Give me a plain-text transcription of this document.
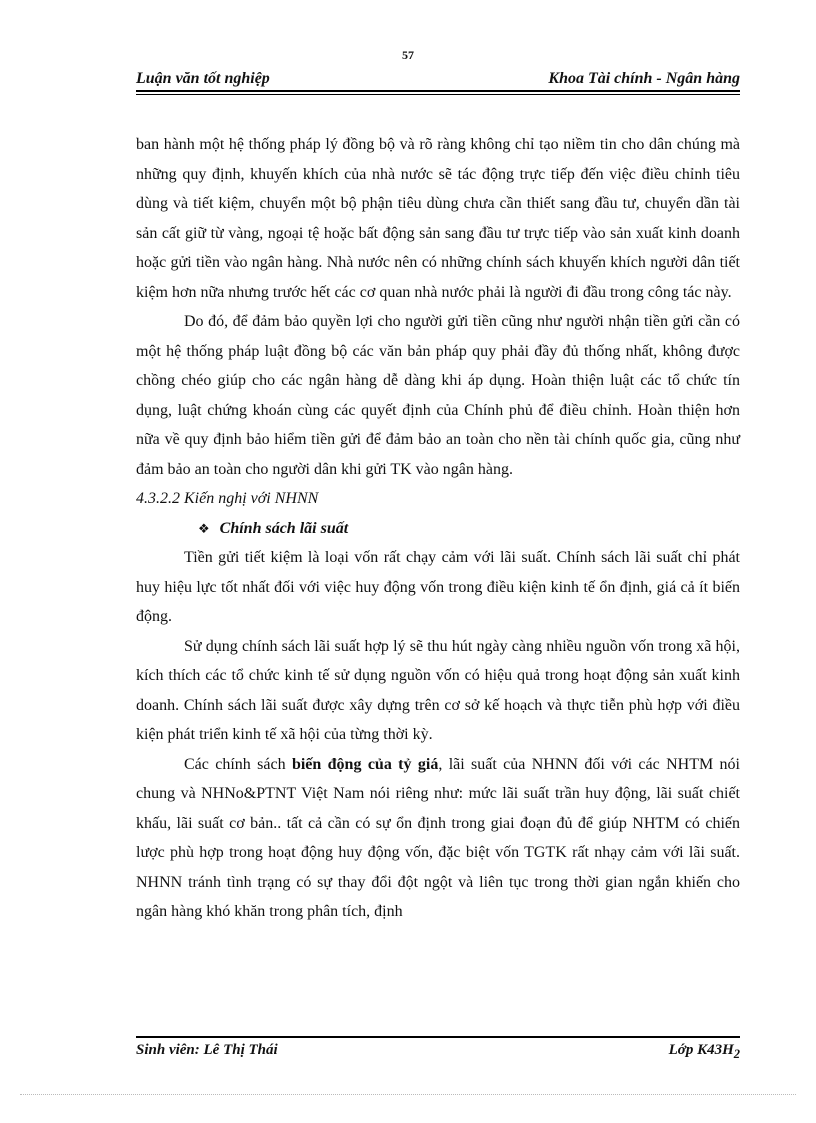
57
Luận văn tốt nghiệp	Khoa Tài chính - Ngân hàng

ban hành một hệ thống pháp lý đồng bộ và rõ ràng không chỉ tạo niềm tin cho dân chúng mà những quy định, khuyến khích của nhà nước sẽ tác động trực tiếp đến việc điều chỉnh tiêu dùng và tiết kiệm, chuyển một bộ phận tiêu dùng chưa cần thiết sang đầu tư, chuyển dần tài sản cất giữ từ vàng, ngoại tệ hoặc bất động sản sang đầu tư trực tiếp vào sản xuất kinh doanh hoặc gửi tiền vào ngân hàng. Nhà nước nên có những chính sách khuyến khích người dân tiết kiệm hơn nữa nhưng trước hết các cơ quan nhà nước phải là người đi đầu trong công tác này.

Do đó, để đảm bảo quyền lợi cho người gửi tiền cũng như người nhận tiền gửi cần có một hệ thống pháp luật đồng bộ các văn bản pháp quy phải đầy đủ thống nhất, không được chồng chéo giúp cho các ngân hàng dễ dàng khi áp dụng. Hoàn thiện luật các tổ chức tín dụng, luật chứng khoán cùng các quyết định của Chính phủ để điều chỉnh. Hoàn thiện hơn nữa về quy định bảo hiểm tiền gửi để đảm bảo an toàn cho nền tài chính quốc gia, cũng như đảm bảo an toàn cho người dân khi gửi TK vào ngân hàng.

4.3.2.2 Kiến nghị với NHNN

❖ Chính sách lãi suất

Tiền gửi tiết kiệm là loại vốn rất chạy cảm với lãi suất. Chính sách lãi suất chỉ phát huy hiệu lực tốt nhất đối với việc huy động vốn trong điều kiện kinh tế ổn định, giá cả ít biến động.

Sử dụng chính sách lãi suất hợp lý sẽ thu hút ngày càng nhiều nguồn vốn trong xã hội, kích thích các tổ chức kinh tế sử dụng nguồn vốn có hiệu quả trong hoạt động sản xuất kinh doanh. Chính sách lãi suất được xây dựng trên cơ sở kế hoạch và thực tiễn phù hợp với điều kiện phát triển kinh tế xã hội của từng thời kỳ.

Các chính sách biến động của tỷ giá, lãi suất của NHNN đối với các NHTM nói chung và NHNo&PTNT Việt Nam nói riêng như: mức lãi suất trần huy động, lãi suất chiết khấu, lãi suất cơ bản.. tất cả cần có sự ổn định trong giai đoạn đủ để giúp NHTM có chiến lược phù hợp trong hoạt động huy động vốn, đặc biệt vốn TGTK rất nhạy cảm với lãi suất. NHNN tránh tình trạng có sự thay đổi đột ngột và liên tục trong thời gian ngắn khiến cho ngân hàng khó khăn trong phân tích, định

Sinh viên: Lê Thị Thái	Lớp $K43H_2$
